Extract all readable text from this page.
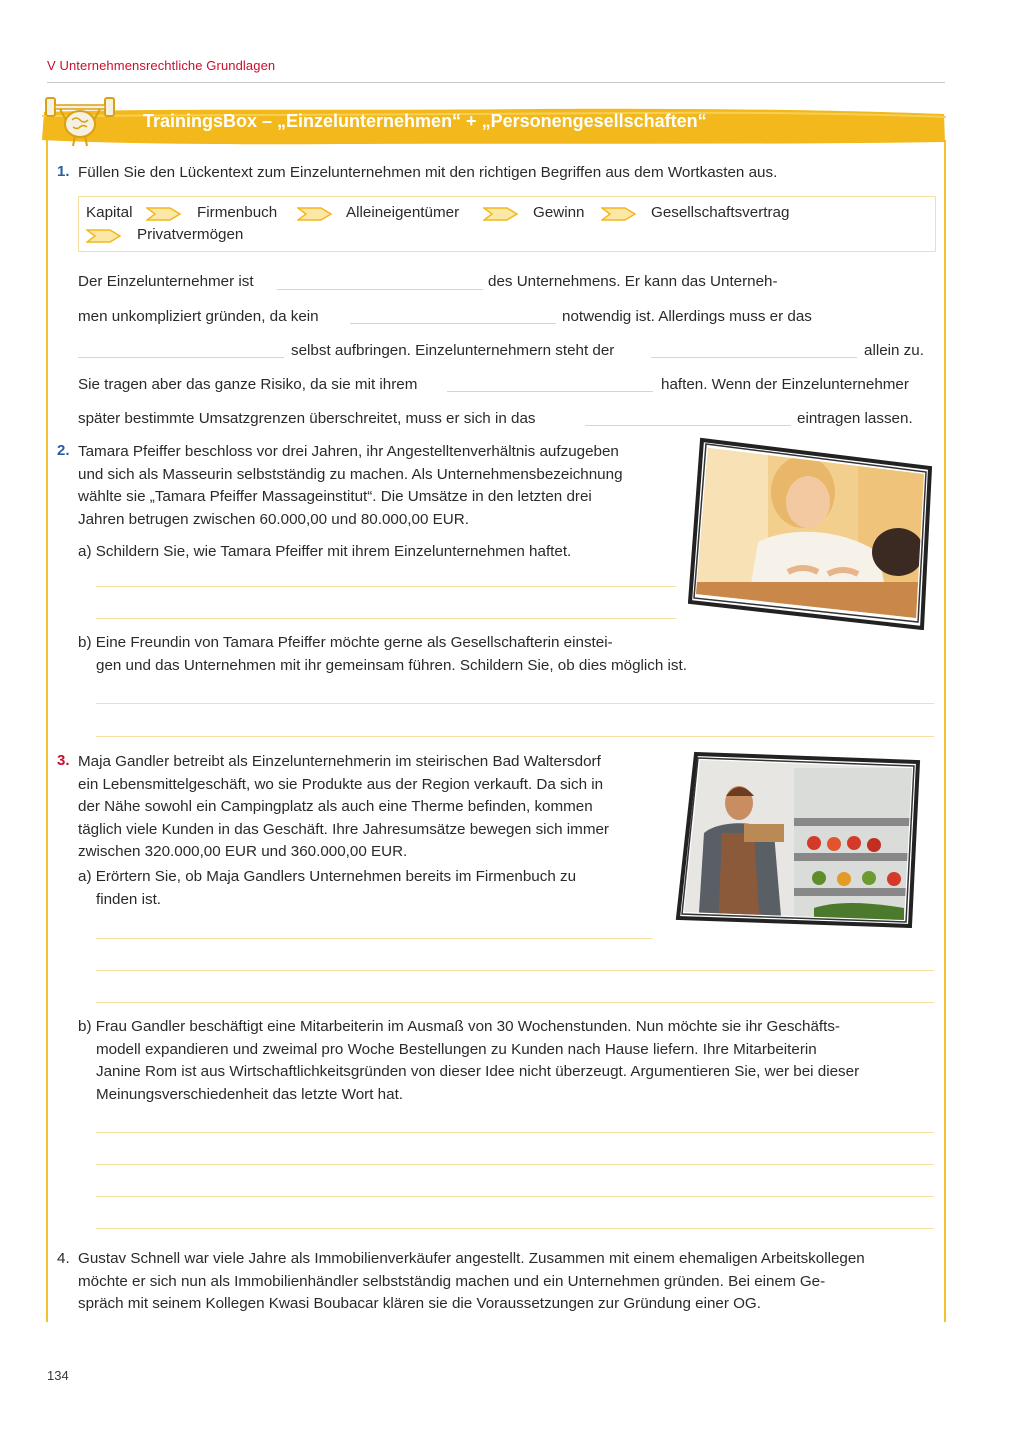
V Unternehmensrechtliche Grundlagen
TrainingsBox – „Einzelunternehmen“ + „Personengesellschaften“
1. Füllen Sie den Lückentext zum Einzelunternehmen mit den richtigen Begriffen aus dem Wortkasten aus.
Kapital	Firmenbuch	Alleineigentümer	Gewinn	Gesellschaftsvertrag
Privatvermögen
Der Einzelunternehmer ist	des Unternehmens. Er kann das Unterneh-
men unkompliziert gründen, da kein	notwendig ist. Allerdings muss er das
selbst aufbringen. Einzelunternehmern steht der	allein zu.
Sie tragen aber das ganze Risiko, da sie mit ihrem	haften. Wenn der Einzelunternehmer
später bestimmte Umsatzgrenzen überschreitet, muss er sich in das	eintragen lassen.
2. Tamara Pfeiffer beschloss vor drei Jahren, ihr Angestelltenverhältnis aufzugeben
und sich als Masseurin selbstständig zu machen. Als Unternehmensbezeichnung
wählte sie „Tamara Pfeiffer Massageinstitut“. Die Umsätze in den letzten drei
Jahren betrugen zwischen 60.000,00 und 80.000,00 EUR.
a) Schildern Sie, wie Tamara Pfeiffer mit ihrem Einzelunternehmen haftet.
b) Eine Freundin von Tamara Pfeiffer möchte gerne als Gesellschafterin einstei-
gen und das Unternehmen mit ihr gemeinsam führen. Schildern Sie, ob dies möglich ist.
3. Maja Gandler betreibt als Einzelunternehmerin im steirischen Bad Waltersdorf
ein Lebensmittelgeschäft, wo sie Produkte aus der Region verkauft. Da sich in
der Nähe sowohl ein Campingplatz als auch eine Therme befinden, kommen
täglich viele Kunden in das Geschäft. Ihre Jahresumsätze bewegen sich immer
zwischen 320.000,00 EUR und 360.000,00 EUR.
a) Erörtern Sie, ob Maja Gandlers Unternehmen bereits im Firmenbuch zu
finden ist.
b) Frau Gandler beschäftigt eine Mitarbeiterin im Ausmaß von 30 Wochenstunden. Nun möchte sie ihr Geschäfts-
modell expandieren und zweimal pro Woche Bestellungen zu Kunden nach Hause liefern. Ihre Mitarbeiterin
Janine Rom ist aus Wirtschaftlichkeitsgründen von dieser Idee nicht überzeugt. Argumentieren Sie, wer bei dieser
Meinungsverschiedenheit das letzte Wort hat.
4. Gustav Schnell war viele Jahre als Immobilienverkäufer angestellt. Zusammen mit einem ehemaligen Arbeitskollegen
möchte er sich nun als Immobilienhändler selbstständig machen und ein Unternehmen gründen. Bei einem Ge-
spräch mit seinem Kollegen Kwasi Boubacar klären sie die Voraussetzungen zur Gründung einer OG.
134
